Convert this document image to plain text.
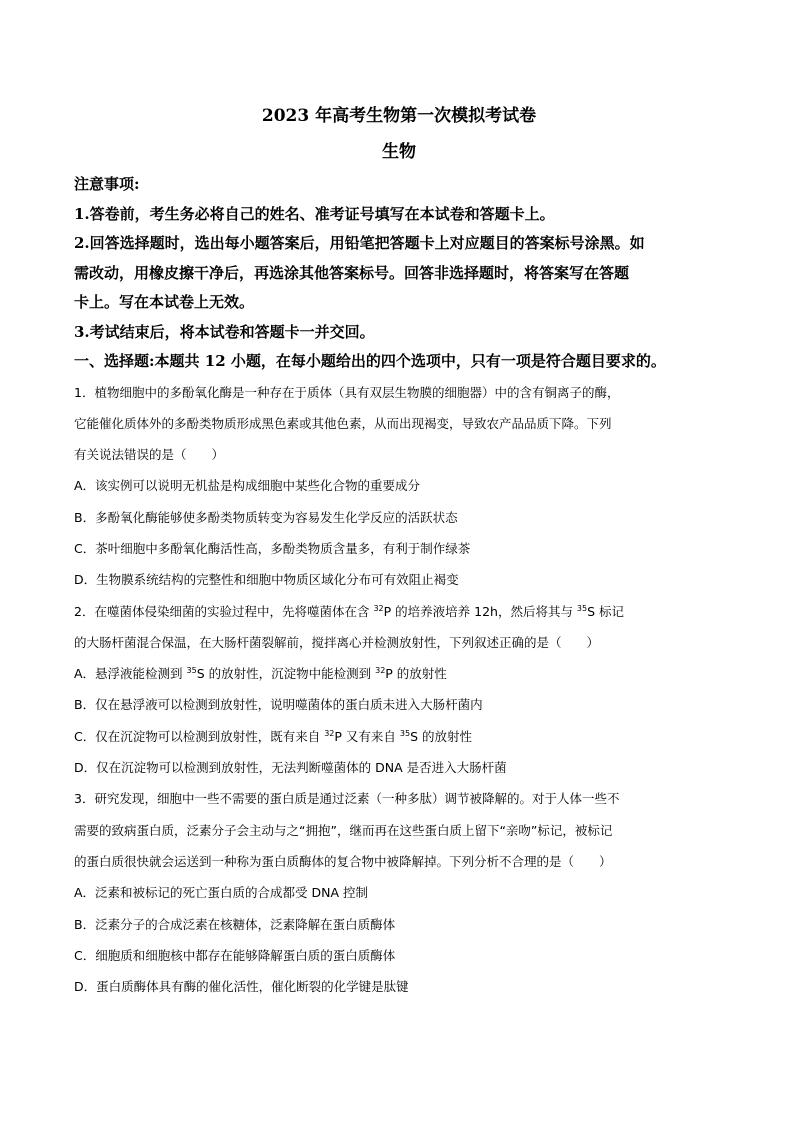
2023 年高考生物第一次模拟考试卷
生物

注意事项:

1.答卷前，考生务必将自己的姓名、准考证号填写在本试卷和答题卡上。

2.回答选择题时，选出每小题答案后，用铅笔把答题卡上对应题目的答案标号涂黑。如

需改动，用橡皮擦干净后，再选涂其他答案标号。回答非选择题时，将答案写在答题

卡上。写在本试卷上无效。

3.考试结束后，将本试卷和答题卡一并交回。

一、选择题:本题共 12 小题，在每小题给出的四个选项中，只有一项是符合题目要求的。

1．植物细胞中的多酚氧化酶是一种存在于质体（具有双层生物膜的细胞器）中的含有铜离子的酶，

它能催化质体外的多酚类物质形成黑色素或其他色素，从而出现褐变，导致农产品品质下降。下列

有关说法错误的是（　　）

A．该实例可以说明无机盐是构成细胞中某些化合物的重要成分

B．多酚氧化酶能够使多酚类物质转变为容易发生化学反应的活跃状态

C．茶叶细胞中多酚氧化酶活性高，多酚类物质含量多，有利于制作绿茶

D．生物膜系统结构的完整性和细胞中物质区域化分布可有效阻止褐变

2．在噬菌体侵染细菌的实验过程中，先将噬菌体在含 $^{32}$P 的培养液培养 12h，然后将其与 $^{35}$S 标记

的大肠杆菌混合保温，在大肠杆菌裂解前，搅拌离心并检测放射性，下列叙述正确的是（　　）

A．悬浮液能检测到 $^{35}$S 的放射性，沉淀物中能检测到 $^{32}$P 的放射性

B．仅在悬浮液可以检测到放射性，说明噬菌体的蛋白质未进入大肠杆菌内

C．仅在沉淀物可以检测到放射性，既有来自 $^{32}$P 又有来自 $^{35}$S 的放射性

D．仅在沉淀物可以检测到放射性，无法判断噬菌体的 DNA 是否进入大肠杆菌

3．研究发现，细胞中一些不需要的蛋白质是通过泛素（一种多肽）调节被降解的。对于人体一些不

需要的致病蛋白质，泛素分子会主动与之“拥抱”，继而再在这些蛋白质上留下“亲吻”标记，被标记

的蛋白质很快就会运送到一种称为蛋白质酶体的复合物中被降解掉。下列分析不合理的是（　　）

A．泛素和被标记的死亡蛋白质的合成都受 DNA 控制

B．泛素分子的合成泛素在核糖体，泛素降解在蛋白质酶体

C．细胞质和细胞核中都存在能够降解蛋白质的蛋白质酶体

D．蛋白质酶体具有酶的催化活性，催化断裂的化学键是肽键
